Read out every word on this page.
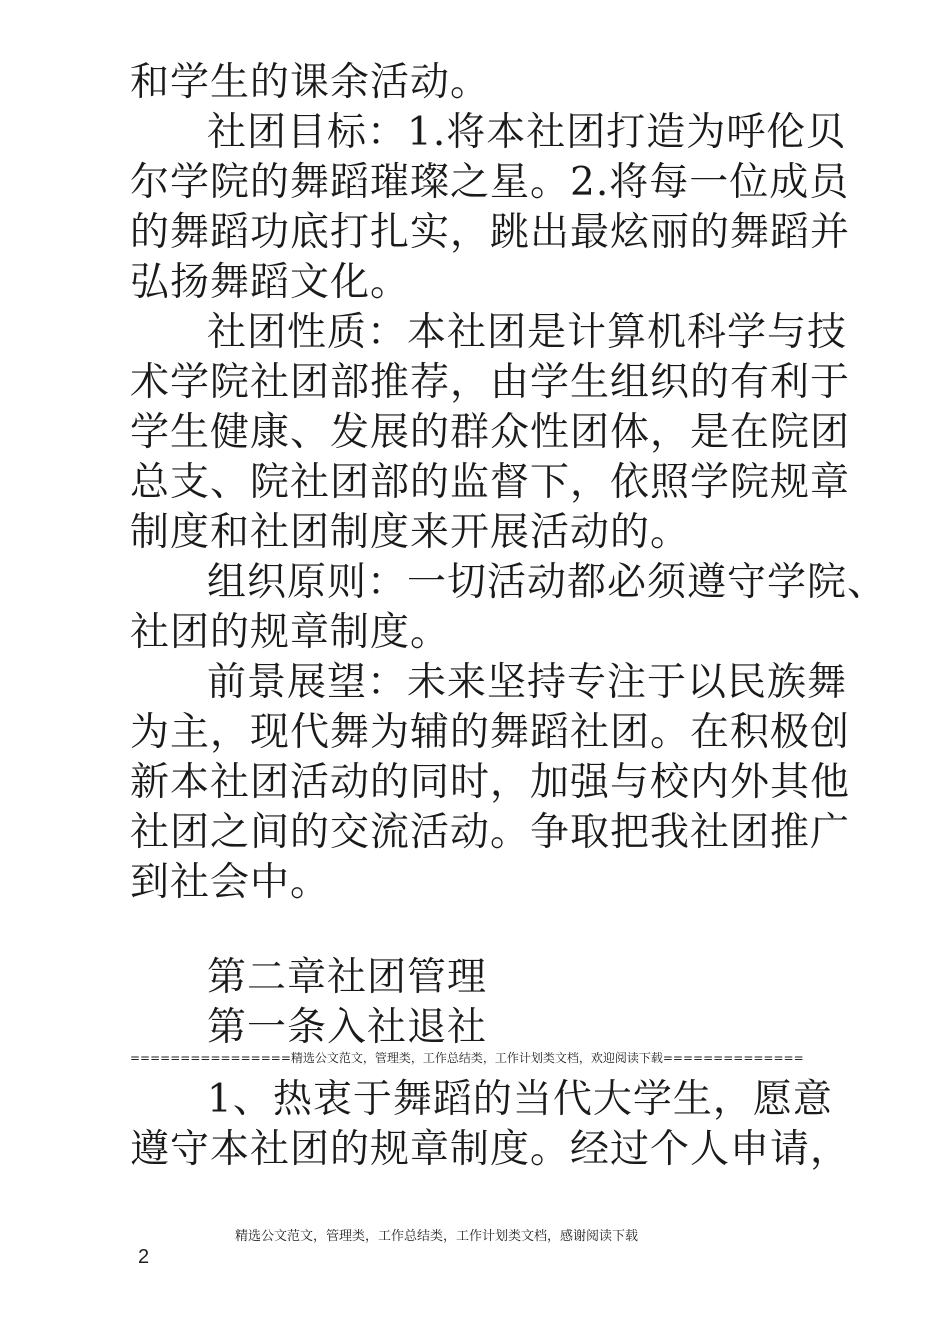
和学生的课余活动。
社团目标：1.将本社团打造为呼伦贝
尔学院的舞蹈璀璨之星。2.将每一位成员
的舞蹈功底打扎实，跳出最炫丽的舞蹈并
弘扬舞蹈文化。
社团性质：本社团是计算机科学与技
术学院社团部推荐，由学生组织的有利于
学生健康、发展的群众性团体，是在院团
总支、院社团部的监督下，依照学院规章
制度和社团制度来开展活动的。
组织原则：一切活动都必须遵守学院、
社团的规章制度。
前景展望：未来坚持专注于以民族舞
为主，现代舞为辅的舞蹈社团。在积极创
新本社团活动的同时，加强与校内外其他
社团之间的交流活动。争取把我社团推广
到社会中。
第二章社团管理
第一条入社退社
================精选公文范文，管理类，工作总结类，工作计划类文档，欢迎阅读下载==============
1、热衷于舞蹈的当代大学生，愿意
遵守本社团的规章制度。经过个人申请，
精选公文范文，管理类，工作总结类，工作计划类文档，感谢阅读下载
2
